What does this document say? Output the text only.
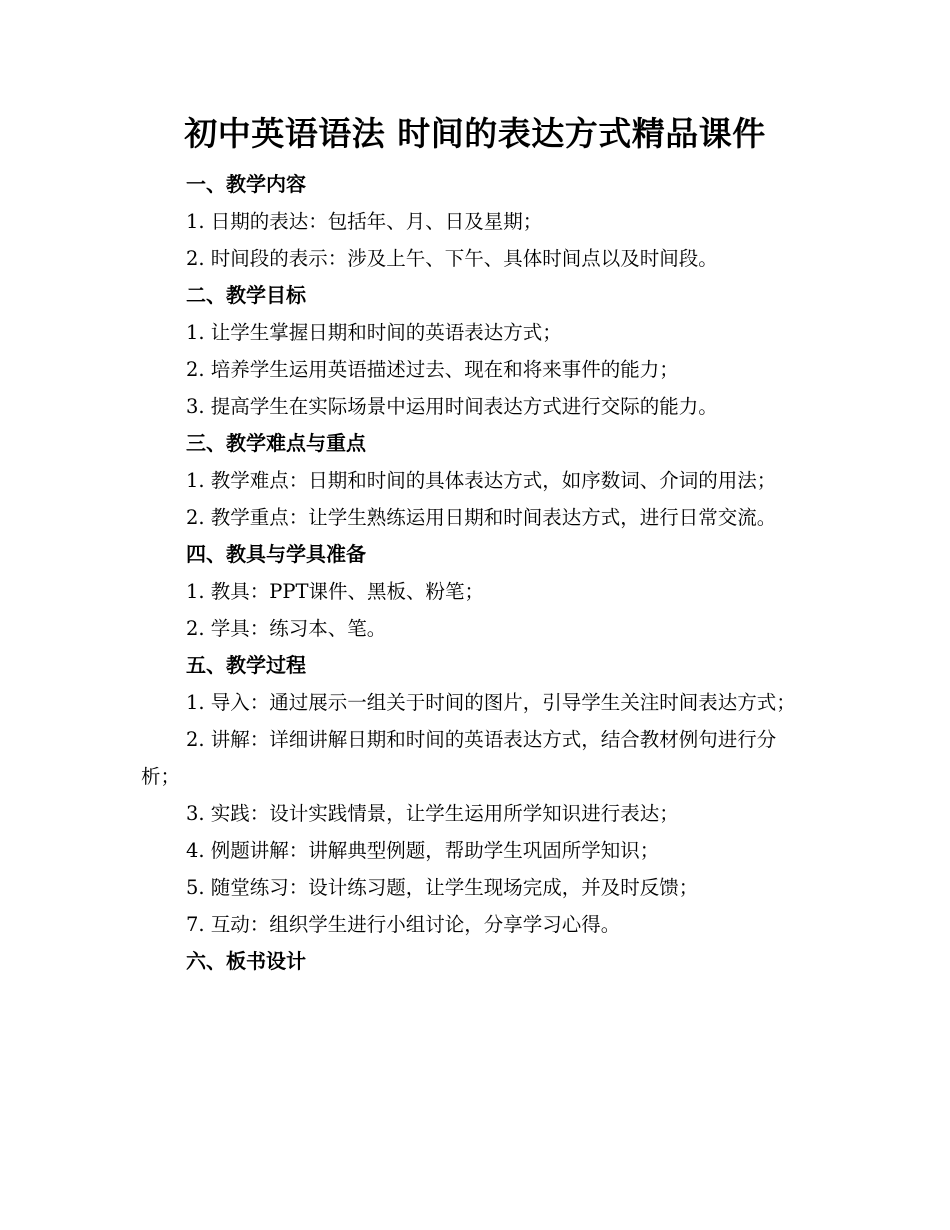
初中英语语法 时间的表达方式精品课件
一、教学内容
1. 日期的表达：包括年、月、日及星期；
2. 时间段的表示：涉及上午、下午、具体时间点以及时间段。
二、教学目标
1. 让学生掌握日期和时间的英语表达方式；
2. 培养学生运用英语描述过去、现在和将来事件的能力；
3. 提高学生在实际场景中运用时间表达方式进行交际的能力。
三、教学难点与重点
1. 教学难点：日期和时间的具体表达方式，如序数词、介词的用法；
2. 教学重点：让学生熟练运用日期和时间表达方式，进行日常交流。
四、教具与学具准备
1. 教具：PPT课件、黑板、粉笔；
2. 学具：练习本、笔。
五、教学过程
1. 导入：通过展示一组关于时间的图片，引导学生关注时间表达方式；
2. 讲解：详细讲解日期和时间的英语表达方式，结合教材例句进行分析；
3. 实践：设计实践情景，让学生运用所学知识进行表达；
4. 例题讲解：讲解典型例题，帮助学生巩固所学知识；
5. 随堂练习：设计练习题，让学生现场完成，并及时反馈；
7. 互动：组织学生进行小组讨论，分享学习心得。
六、板书设计
